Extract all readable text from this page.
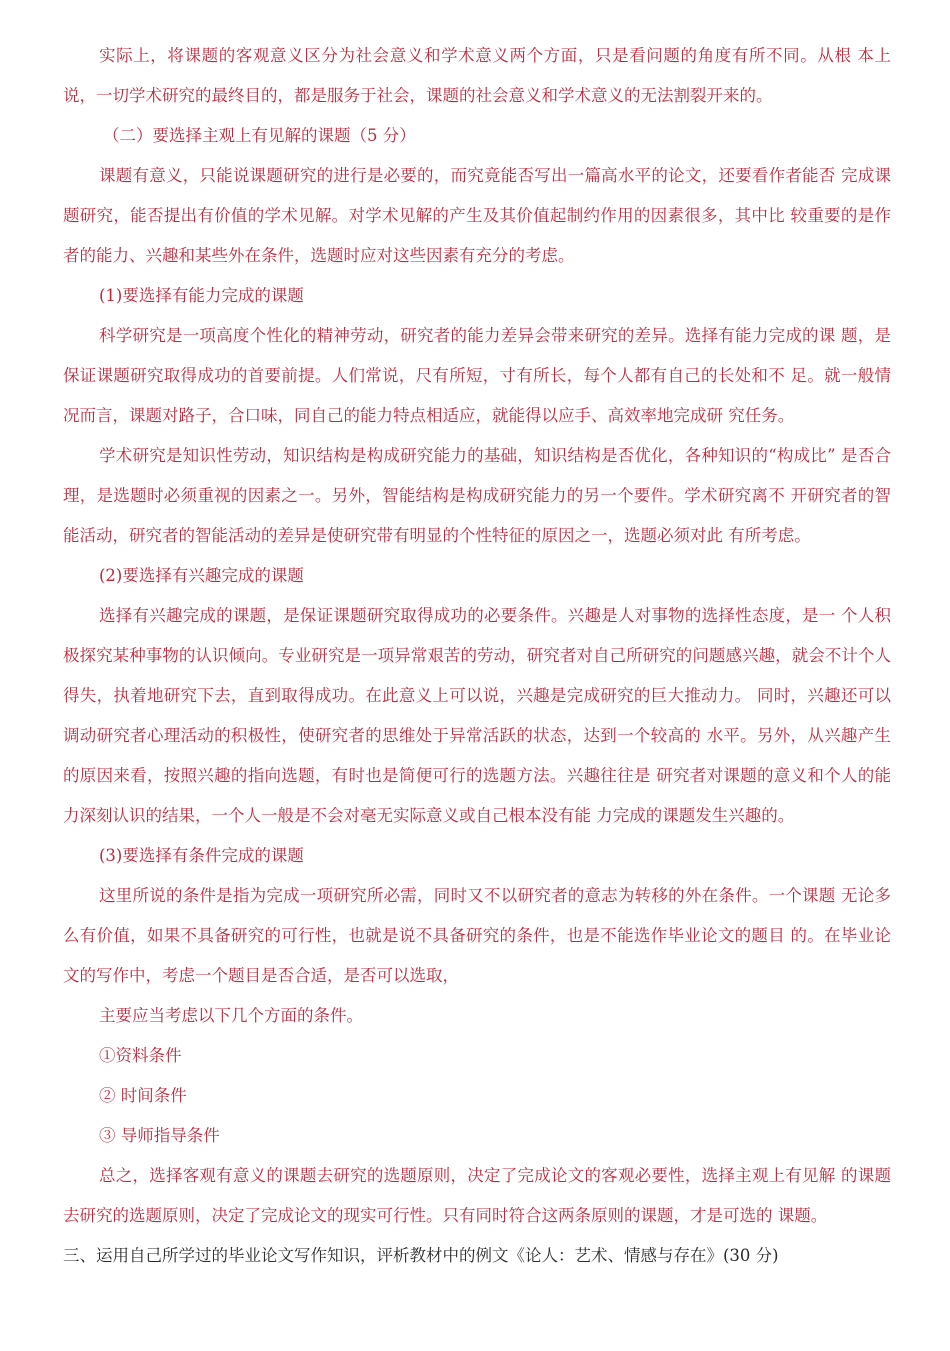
实际上，将课题的客观意义区分为社会意义和学术意义两个方面，只是看问题的角度有所不同。从根 本上说，一切学术研究的最终目的，都是服务于社会，课题的社会意义和学术意义的无法割裂开来的。

（二）要选择主观上有见解的课题（5 分）

课题有意义，只能说课题研究的进行是必要的，而究竟能否写出一篇高水平的论文，还要看作者能否 完成课题研究，能否提出有价值的学术见解。对学术见解的产生及其价值起制约作用的因素很多，其中比 较重要的是作者的能力、兴趣和某些外在条件，选题时应对这些因素有充分的考虑。

(1)要选择有能力完成的课题

科学研究是一项高度个性化的精神劳动，研究者的能力差异会带来研究的差异。选择有能力完成的课 题，是保证课题研究取得成功的首要前提。人们常说，尺有所短，寸有所长，每个人都有自己的长处和不 足。就一般情况而言，课题对路子，合口味，同自己的能力特点相适应，就能得以应手、高效率地完成研 究任务。

学术研究是知识性劳动，知识结构是构成研究能力的基础，知识结构是否优化，各种知识的“构成比” 是否合理，是选题时必须重视的因素之一。另外，智能结构是构成研究能力的另一个要件。学术研究离不 开研究者的智能活动，研究者的智能活动的差异是使研究带有明显的个性特征的原因之一，选题必须对此 有所考虑。

(2)要选择有兴趣完成的课题

选择有兴趣完成的课题，是保证课题研究取得成功的必要条件。兴趣是人对事物的选择性态度，是一 个人积极探究某种事物的认识倾向。专业研究是一项异常艰苦的劳动，研究者对自己所研究的问题感兴趣，就会不计个人得失，执着地研究下去，直到取得成功。在此意义上可以说，兴趣是完成研究的巨大推动力。 同时，兴趣还可以调动研究者心理活动的积极性，使研究者的思维处于异常活跃的状态，达到一个较高的 水平。另外，从兴趣产生的原因来看，按照兴趣的指向选题，有时也是简便可行的选题方法。兴趣往往是 研究者对课题的意义和个人的能力深刻认识的结果，一个人一般是不会对毫无实际意义或自己根本没有能 力完成的课题发生兴趣的。

(3)要选择有条件完成的课题

这里所说的条件是指为完成一项研究所必需，同时又不以研究者的意志为转移的外在条件。一个课题 无论多么有价值，如果不具备研究的可行性，也就是说不具备研究的条件，也是不能选作毕业论文的题目 的。在毕业论文的写作中，考虑一个题目是否合适，是否可以选取，

主要应当考虑以下几个方面的条件。

①资料条件

② 时间条件

③ 导师指导条件

总之，选择客观有意义的课题去研究的选题原则，决定了完成论文的客观必要性，选择主观上有见解 的课题去研究的选题原则，决定了完成论文的现实可行性。只有同时符合这两条原则的课题，才是可选的 课题。

三、运用自己所学过的毕业论文写作知识，评析教材中的例文《论人：艺术、情感与存在》(30 分)
